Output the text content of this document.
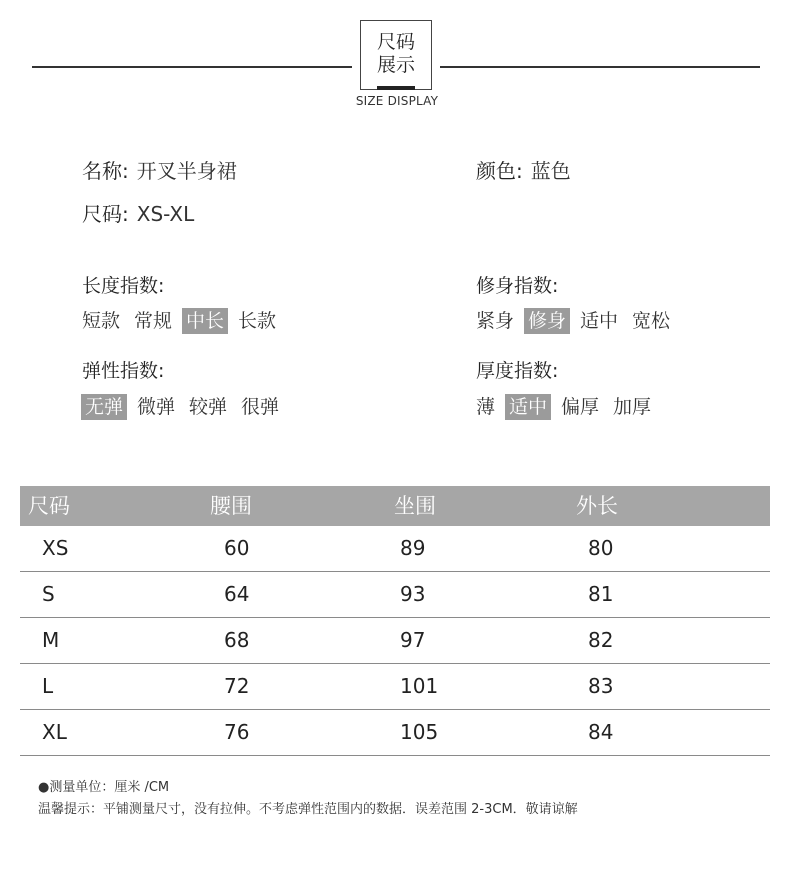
尺码
展示
SIZE DISPLAY
名称: 开叉半身裙	颜色: 蓝色
尺码: XS-XL
长度指数:
短款 常规 中长 长款
修身指数:
紧身 修身 适中 宽松
弹性指数:
无弹 微弹 较弹 很弹
厚度指数:
薄 适中 偏厚 加厚
尺码	腰围	坐围	外长
XS	60	89	80
S	64	93	81
M	68	97	82
L	72	101	83
XL	76	105	84
●测量单位：厘米 /CM
温馨提示：平铺测量尺寸，没有拉伸。不考虑弹性范围内的数据．误差范围 2-3CM．敬请谅解
